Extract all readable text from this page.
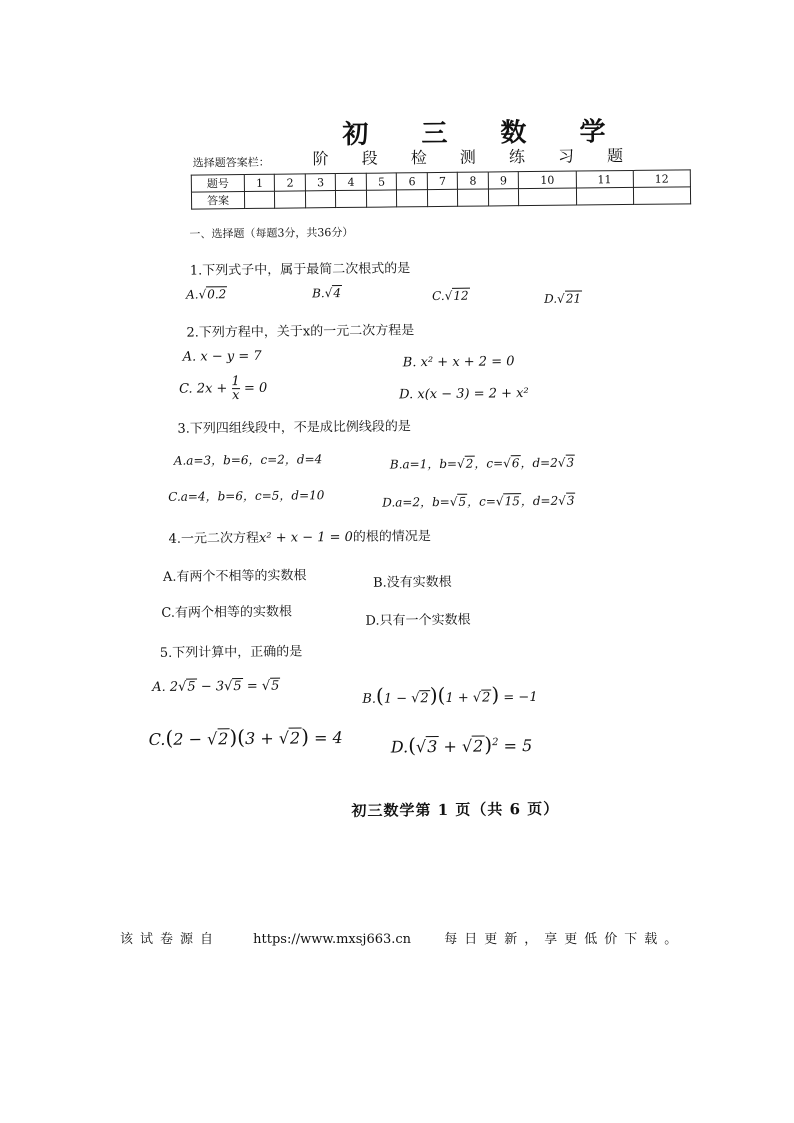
初 三 数 学
阶 段 检 测 练 习 题
选择题答案栏：
题号	1	2	3	4	5	6	7	8	9	10	11	12
答案												
一、选择题（每题3分，共36分）
1.下列式子中，属于最简二次根式的是
A.√0.2	B.√4	C.√12	D.√21
2.下列方程中，关于x的一元二次方程是
A. x − y = 7	B. x² + x + 2 = 0
C. $2x + \frac{1}{x} = 0$	D. x(x − 3) = 2 + x²
3.下列四组线段中，不是成比例线段的是
A.a=3，b=6，c=2，d=4	B.a=1，b=√2，c=√6，d=2√3
C.a=4，b=6，c=5，d=10	D.a=2，b=√5，c=√15，d=2√3
4.一元二次方程x² + x − 1 = 0的根的情况是
A.有两个不相等的实数根	B.没有实数根
C.有两个相等的实数根	D.只有一个实数根
5.下列计算中，正确的是
A. 2√5 − 3√5 = √5
B.(1 − √2)(1 + √2) = −1
C.(2 − √2)(3 + √2) = 4	$D.(√3 + √2)^2 = 5$
初三数学第 1 页（共 6 页）
该试卷源自	https://www.mxsj663.cn	每日更新，享更低价下载。
